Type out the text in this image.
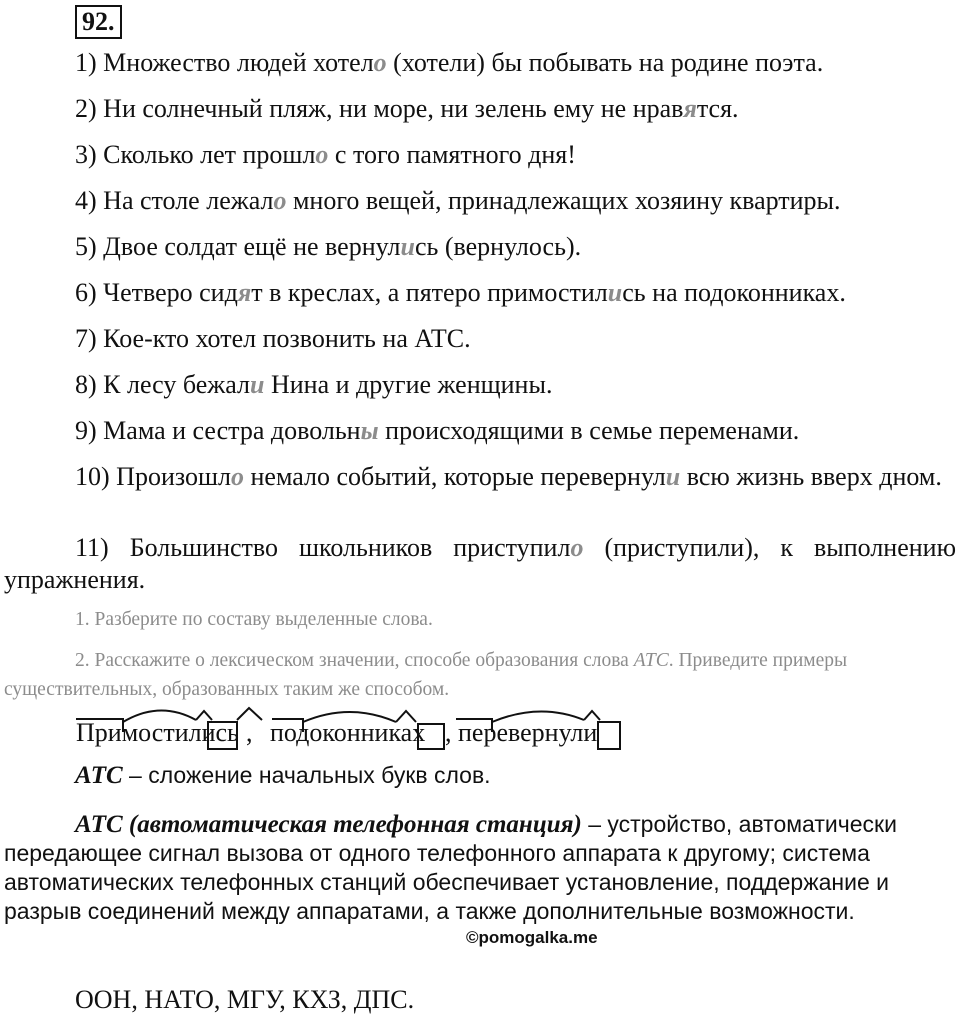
92.
1) Множество людей хотело (хотели) бы побывать на родине поэта.
2) Ни солнечный пляж, ни море, ни зелень ему не нравятся.
3) Сколько лет прошло с того памятного дня!
4) На столе лежало много вещей, принадлежащих хозяину квартиры.
5) Двое солдат ещё не вернулись (вернулось).
6) Четверо сидят в креслах, а пятеро примостились на подоконниках.
7) Кое-кто хотел позвонить на АТС.
8) К лесу бежали Нина и другие женщины.
9) Мама и сестра довольны происходящими в семье переменами.
10) Произошло немало событий, которые перевернули всю жизнь вверх дном.
11) Большинство школьников приступило (приступили), к выполнению упражнения.
1. Разберите по составу выделенные слова.
2. Расскажите о лексическом значении, способе образования слова АТС. Приведите примеры существительных, образованных таким же способом.
Примостились , подоконниках , перевернули
АТС – сложение начальных букв слов.
АТС (автоматическая телефонная станция) – устройство, автоматически передающее сигнал вызова от одного телефонного аппарата к другому; система автоматических телефонных станций обеспечивает установление, поддержание и разрыв соединений между аппаратами, а также дополнительные возможности.
©pomogalka.me
ООН, НАТО, МГУ, КХЗ, ДПС.
